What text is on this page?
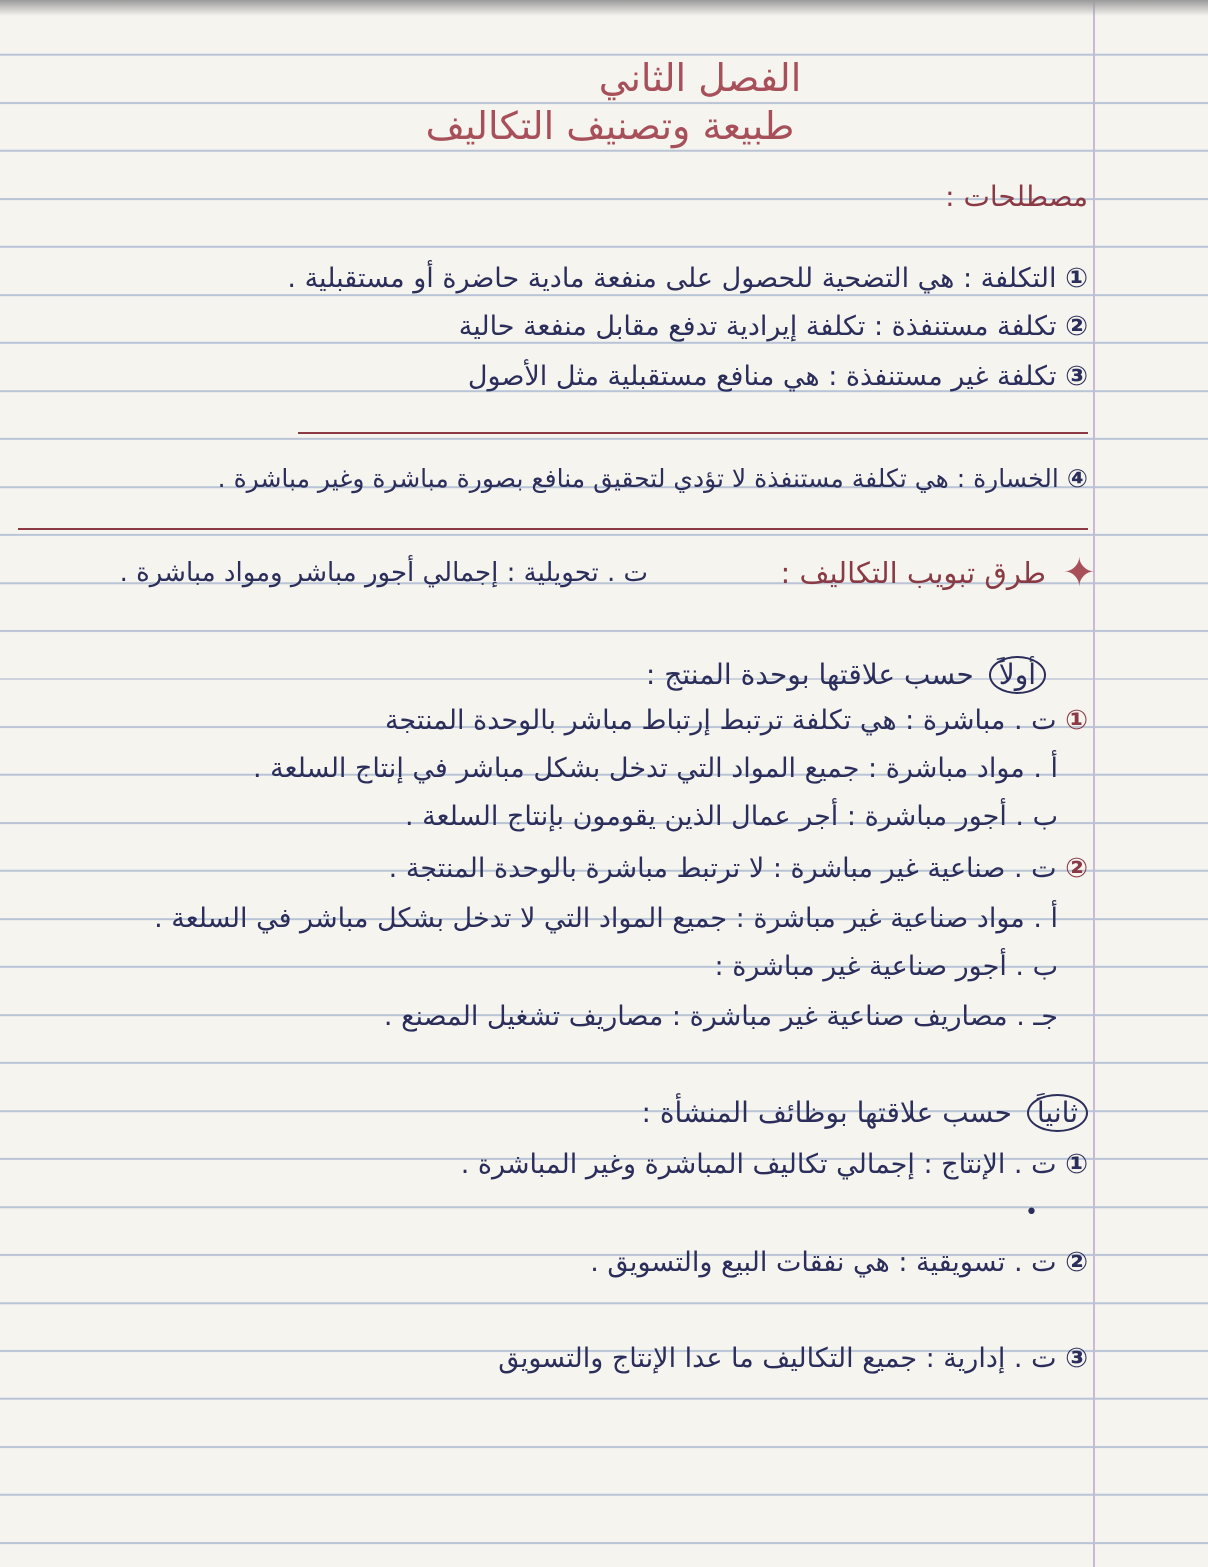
الفصل الثاني
طبيعة وتصنيف التكاليف
مصطلحات :
① التكلفة : هي التضحية للحصول على منفعة مادية حاضرة أو مستقبلية .
② تكلفة مستنفذة : تكلفة إيرادية تدفع مقابل منفعة حالية
③ تكلفة غير مستنفذة : هي منافع مستقبلية مثل الأصول
④ الخسارة : هي تكلفة مستنفذة لا تؤدي لتحقيق منافع بصورة مباشرة وغير مباشرة .
✦
طرق تبويب التكاليف :
ت . تحويلية : إجمالي أجور مباشر ومواد مباشرة .
أولاً حسب علاقتها بوحدة المنتج :
① ت . مباشرة : هي تكلفة ترتبط إرتباط مباشر بالوحدة المنتجة
أ . مواد مباشرة : جميع المواد التي تدخل بشكل مباشر في إنتاج السلعة .
ب . أجور مباشرة : أجر عمال الذين يقومون بإنتاج السلعة .
② ت . صناعية غير مباشرة : لا ترتبط مباشرة بالوحدة المنتجة .
أ . مواد صناعية غير مباشرة : جميع المواد التي لا تدخل بشكل مباشر في السلعة .
ب . أجور صناعية غير مباشرة :
جـ . مصاريف صناعية غير مباشرة : مصاريف تشغيل المصنع .
ثانياً حسب علاقتها بوظائف المنشأة :
① ت . الإنتاج : إجمالي تكاليف المباشرة وغير المباشرة .
•
② ت . تسويقية : هي نفقات البيع والتسويق .
③ ت . إدارية : جميع التكاليف ما عدا الإنتاج والتسويق
